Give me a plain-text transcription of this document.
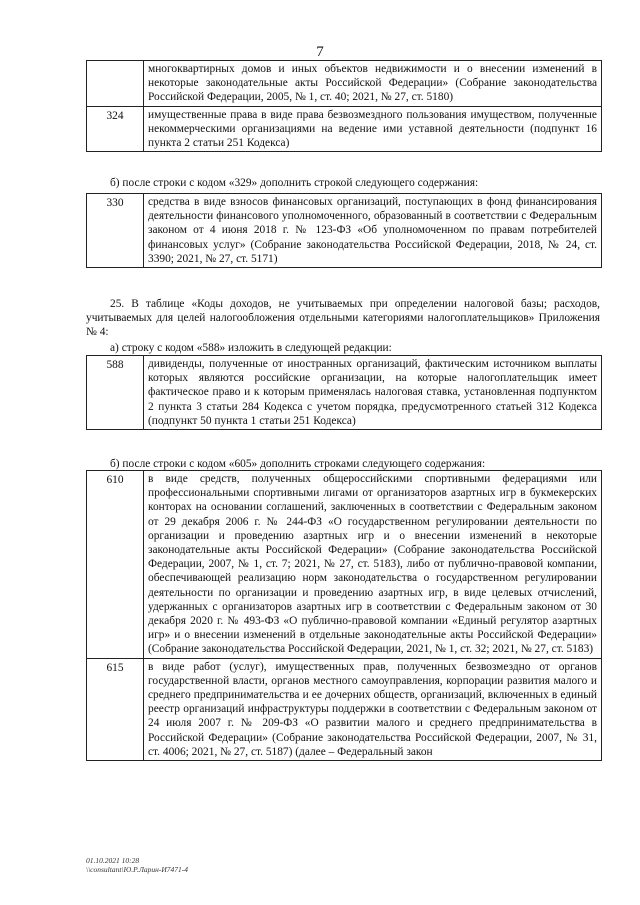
7
	многоквартирных домов и иных объектов недвижимости и о внесении изменений в некоторые законодательные акты Российской Федерации» (Собрание законодательства Российской Федерации, 2005, № 1, ст. 40; 2021, № 27, ст. 5180)
324	имущественные права в виде права безвозмездного пользования имуществом, полученные некоммерческими организациями на ведение ими уставной деятельности (подпункт 16 пункта 2 статьи 251 Кодекса)
б) после строки с кодом «329» дополнить строкой следующего содержания:
330	средства в виде взносов финансовых организаций, поступающих в фонд финансирования деятельности финансового уполномоченного, образованный в соответствии с Федеральным законом от 4 июня 2018 г. № 123-ФЗ «Об уполномоченном по правам потребителей финансовых услуг» (Собрание законодательства Российской Федерации, 2018, № 24, ст. 3390; 2021, № 27, ст. 5171)
25. В таблице «Коды доходов, не учитываемых при определении налоговой базы; расходов, учитываемых для целей налогообложения отдельными категориями налогоплательщиков» Приложения № 4:
а) строку с кодом «588» изложить в следующей редакции:
588	дивиденды, полученные от иностранных организаций, фактическим источником выплаты которых являются российские организации, на которые налогоплательщик имеет фактическое право и к которым применялась налоговая ставка, установленная подпунктом 2 пункта 3 статьи 284 Кодекса с учетом порядка, предусмотренного статьей 312 Кодекса (подпункт 50 пункта 1 статьи 251 Кодекса)
б) после строки с кодом «605» дополнить строками следующего содержания:
610	в виде средств, полученных общероссийскими спортивными федерациями или профессиональными спортивными лигами от организаторов азартных игр в букмекерских конторах на основании соглашений, заключенных в соответствии с Федеральным законом от 29 декабря 2006 г. № 244-ФЗ «О государственном регулировании деятельности по организации и проведению азартных игр и о внесении изменений в некоторые законодательные акты Российской Федерации» (Собрание законодательства Российской Федерации, 2007, № 1, ст. 7; 2021, № 27, ст. 5183), либо от публично-правовой компании, обеспечивающей реализацию норм законодательства о государственном регулировании деятельности по организации и проведению азартных игр, в виде целевых отчислений, удержанных с организаторов азартных игр в соответствии с Федеральным законом от 30 декабря 2020 г. № 493-ФЗ «О публично-правовой компании «Единый регулятор азартных игр» и о внесении изменений в отдельные законодательные акты Российской Федерации» (Собрание законодательства Российской Федерации, 2021, № 1, ст. 32; 2021, № 27, ст. 5183)
615	в виде работ (услуг), имущественных прав, полученных безвозмездно от органов государственной власти, органов местного самоуправления, корпорации развития малого и среднего предпринимательства и ее дочерних обществ, организаций, включенных в единый реестр организаций инфраструктуры поддержки в соответствии с Федеральным законом от 24 июля 2007 г. № 209-ФЗ «О развитии малого и среднего предпринимательства в Российской Федерации» (Собрание законодательства Российской Федерации, 2007, № 31, ст. 4006; 2021, № 27, ст. 5187) (далее – Федеральный закон
01.10.2021 10:28
\\consultant\Ю.Р.Ларин-И7471-4
